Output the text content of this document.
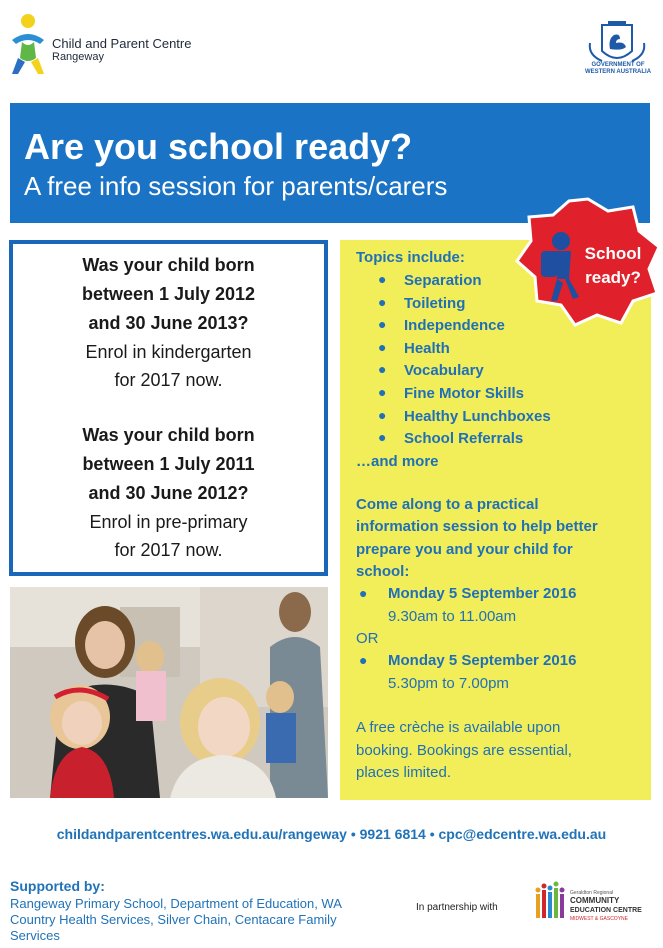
Child and Parent Centre
Rangeway
GOVERNMENT OF
WESTERN AUSTRALIA
Are you school ready?
A free info session for parents/carers
Was your child born
between 1 July 2012
and 30 June 2013?
Enrol in kindergarten
for 2017 now.
Was your child born
between 1 July 2011
and 30 June 2012?
Enrol in pre-primary
for 2017 now.
Topics include:
● Separation
● Toileting
● Independence
● Health
● Vocabulary
● Fine Motor Skills
● Healthy Lunchboxes
● School Referrals
…and more
Come along to a practical
information session to help better
prepare you and your child for
school:
● Monday 5 September 2016
9.30am to 11.00am
OR
● Monday 5 September 2016
5.30pm to 7.00pm
A free crèche is available upon
booking. Bookings are essential,
places limited.
School
ready?
childandparentcentres.wa.edu.au/rangeway • 9921 6814 • cpc@edcentre.wa.edu.au
Supported by:
Rangeway Primary School, Department of Education, WA
Country Health Services, Silver Chain, Centacare Family
Services
In partnership with
Geraldton Regional
COMMUNITY
EDUCATION CENTRE
MIDWEST & GASCOYNE
